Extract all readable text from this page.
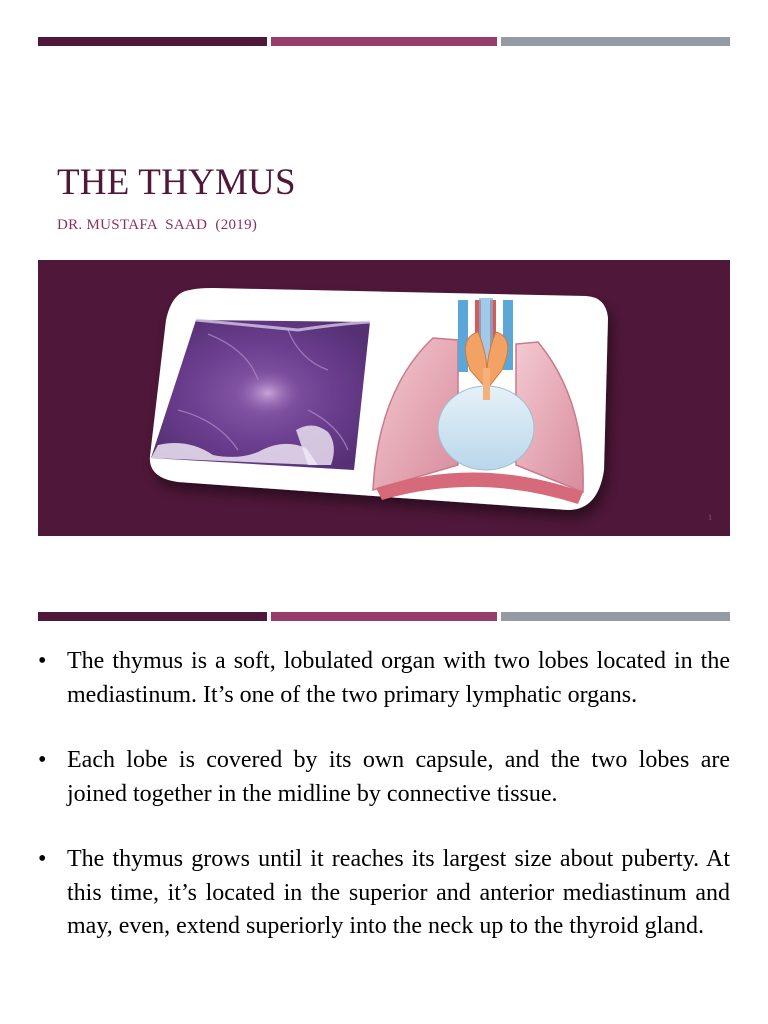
THE THYMUS
DR. MUSTAFA  SAAD  (2019)
1
• The thymus is a soft, lobulated organ with two lobes located in the mediastinum. It’s one of the two primary lymphatic organs.
• Each lobe is covered by its own capsule, and the two lobes are joined together in the midline by connective tissue.
• The thymus grows until it reaches its largest size about puberty. At this time, it’s located in the superior and anterior mediastinum and may, even, extend superiorly into the neck up to the thyroid gland.
